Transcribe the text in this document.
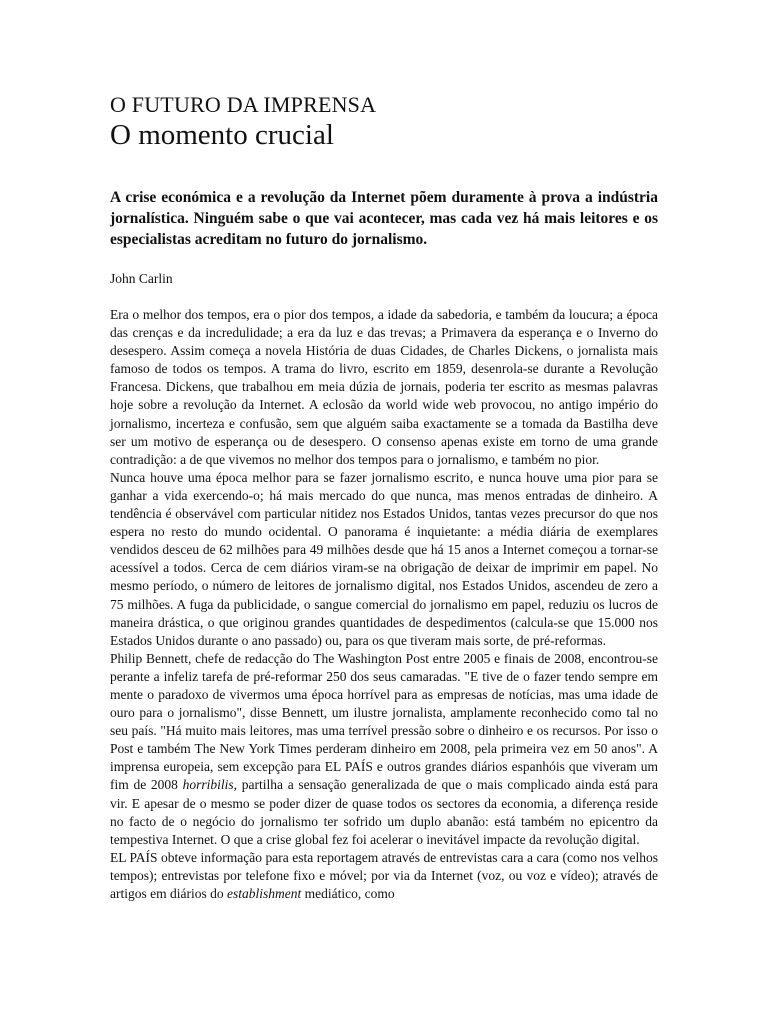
O FUTURO DA IMPRENSA
O momento crucial

A crise económica e a revolução da Internet põem duramente à prova a indústria jornalística. Ninguém sabe o que vai acontecer, mas cada vez há mais leitores e os especialistas acreditam no futuro do jornalismo.

John Carlin

Era o melhor dos tempos, era o pior dos tempos, a idade da sabedoria, e também da loucura; a época das crenças e da incredulidade; a era da luz e das trevas; a Primavera da esperança e o Inverno do desespero. Assim começa a novela História de duas Cidades, de Charles Dickens, o jornalista mais famoso de todos os tempos. A trama do livro, escrito em 1859, desenrola-se durante a Revolução Francesa. Dickens, que trabalhou em meia dúzia de jornais, poderia ter escrito as mesmas palavras hoje sobre a revolução da Internet. A eclosão da world wide web provocou, no antigo império do jornalismo, incerteza e confusão, sem que alguém saiba exactamente se a tomada da Bastilha deve ser um motivo de esperança ou de desespero. O consenso apenas existe em torno de uma grande contradição: a de que vivemos no melhor dos tempos para o jornalismo, e também no pior.

Nunca houve uma época melhor para se fazer jornalismo escrito, e nunca houve uma pior para se ganhar a vida exercendo-o; há mais mercado do que nunca, mas menos entradas de dinheiro. A tendência é observável com particular nitidez nos Estados Unidos, tantas vezes precursor do que nos espera no resto do mundo ocidental. O panorama é inquietante: a média diária de exemplares vendidos desceu de 62 milhões para 49 milhões desde que há 15 anos a Internet começou a tornar-se acessível a todos. Cerca de cem diários viram-se na obrigação de deixar de imprimir em papel. No mesmo período, o número de leitores de jornalismo digital, nos Estados Unidos, ascendeu de zero a 75 milhões. A fuga da publicidade, o sangue comercial do jornalismo em papel, reduziu os lucros de maneira drástica, o que originou grandes quantidades de despedimentos (calcula-se que 15.000 nos Estados Unidos durante o ano passado) ou, para os que tiveram mais sorte, de pré-reformas.

Philip Bennett, chefe de redacção do The Washington Post entre 2005 e finais de 2008, encontrou-se perante a infeliz tarefa de pré-reformar 250 dos seus camaradas. "E tive de o fazer tendo sempre em mente o paradoxo de vivermos uma época horrível para as empresas de notícias, mas uma idade de ouro para o jornalismo", disse Bennett, um ilustre jornalista, amplamente reconhecido como tal no seu país. "Há muito mais leitores, mas uma terrível pressão sobre o dinheiro e os recursos. Por isso o Post e também The New York Times perderam dinheiro em 2008, pela primeira vez em 50 anos". A imprensa europeia, sem excepção para EL PAÍS e outros grandes diários espanhóis que viveram um fim de 2008 horribilis, partilha a sensação generalizada de que o mais complicado ainda está para vir. E apesar de o mesmo se poder dizer de quase todos os sectores da economia, a diferença reside no facto de o negócio do jornalismo ter sofrido um duplo abanão: está também no epicentro da tempestiva Internet. O que a crise global fez foi acelerar o inevitável impacte da revolução digital.

EL PAÍS obteve informação para esta reportagem através de entrevistas cara a cara (como nos velhos tempos); entrevistas por telefone fixo e móvel; por via da Internet (voz, ou voz e vídeo); através de artigos em diários do establishment mediático, como
